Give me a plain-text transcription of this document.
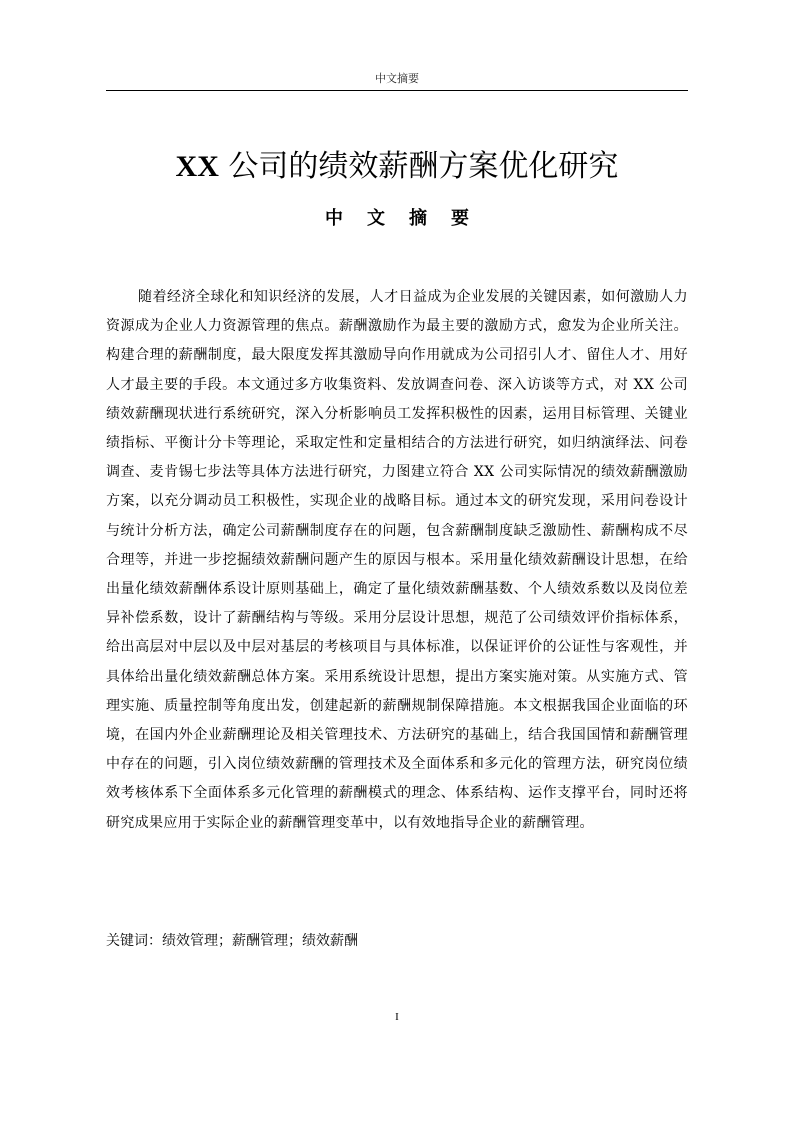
中文摘要
XX 公司的绩效薪酬方案优化研究
中文摘要

随着经济全球化和知识经济的发展，人才日益成为企业发展的关键因素，如何激励人力资源成为企业人力资源管理的焦点。薪酬激励作为最主要的激励方式，愈发为企业所关注。构建合理的薪酬制度，最大限度发挥其激励导向作用就成为公司招引人才、留住人才、用好人才最主要的手段。本文通过多方收集资料、发放调查问卷、深入访谈等方式，对 XX 公司绩效薪酬现状进行系统研究，深入分析影响员工发挥积极性的因素，运用目标管理、关键业绩指标、平衡计分卡等理论，采取定性和定量相结合的方法进行研究，如归纳演绎法、问卷调查、麦肯锡七步法等具体方法进行研究，力图建立符合 XX 公司实际情况的绩效薪酬激励方案，以充分调动员工积极性，实现企业的战略目标。通过本文的研究发现，采用问卷设计与统计分析方法，确定公司薪酬制度存在的问题，包含薪酬制度缺乏激励性、薪酬构成不尽合理等，并进一步挖掘绩效薪酬问题产生的原因与根本。采用量化绩效薪酬设计思想，在给出量化绩效薪酬体系设计原则基础上，确定了量化绩效薪酬基数、个人绩效系数以及岗位差异补偿系数，设计了薪酬结构与等级。采用分层设计思想，规范了公司绩效评价指标体系，给出高层对中层以及中层对基层的考核项目与具体标准，以保证评价的公证性与客观性，并具体给出量化绩效薪酬总体方案。采用系统设计思想，提出方案实施对策。从实施方式、管理实施、质量控制等角度出发，创建起新的薪酬规制保障措施。本文根据我国企业面临的环境，在国内外企业薪酬理论及相关管理技术、方法研究的基础上，结合我国国情和薪酬管理中存在的问题，引入岗位绩效薪酬的管理技术及全面体系和多元化的管理方法，研究岗位绩效考核体系下全面体系多元化管理的薪酬模式的理念、体系结构、运作支撑平台，同时还将研究成果应用于实际企业的薪酬管理变革中，以有效地指导企业的薪酬管理。

关键词：绩效管理；薪酬管理；绩效薪酬

I
